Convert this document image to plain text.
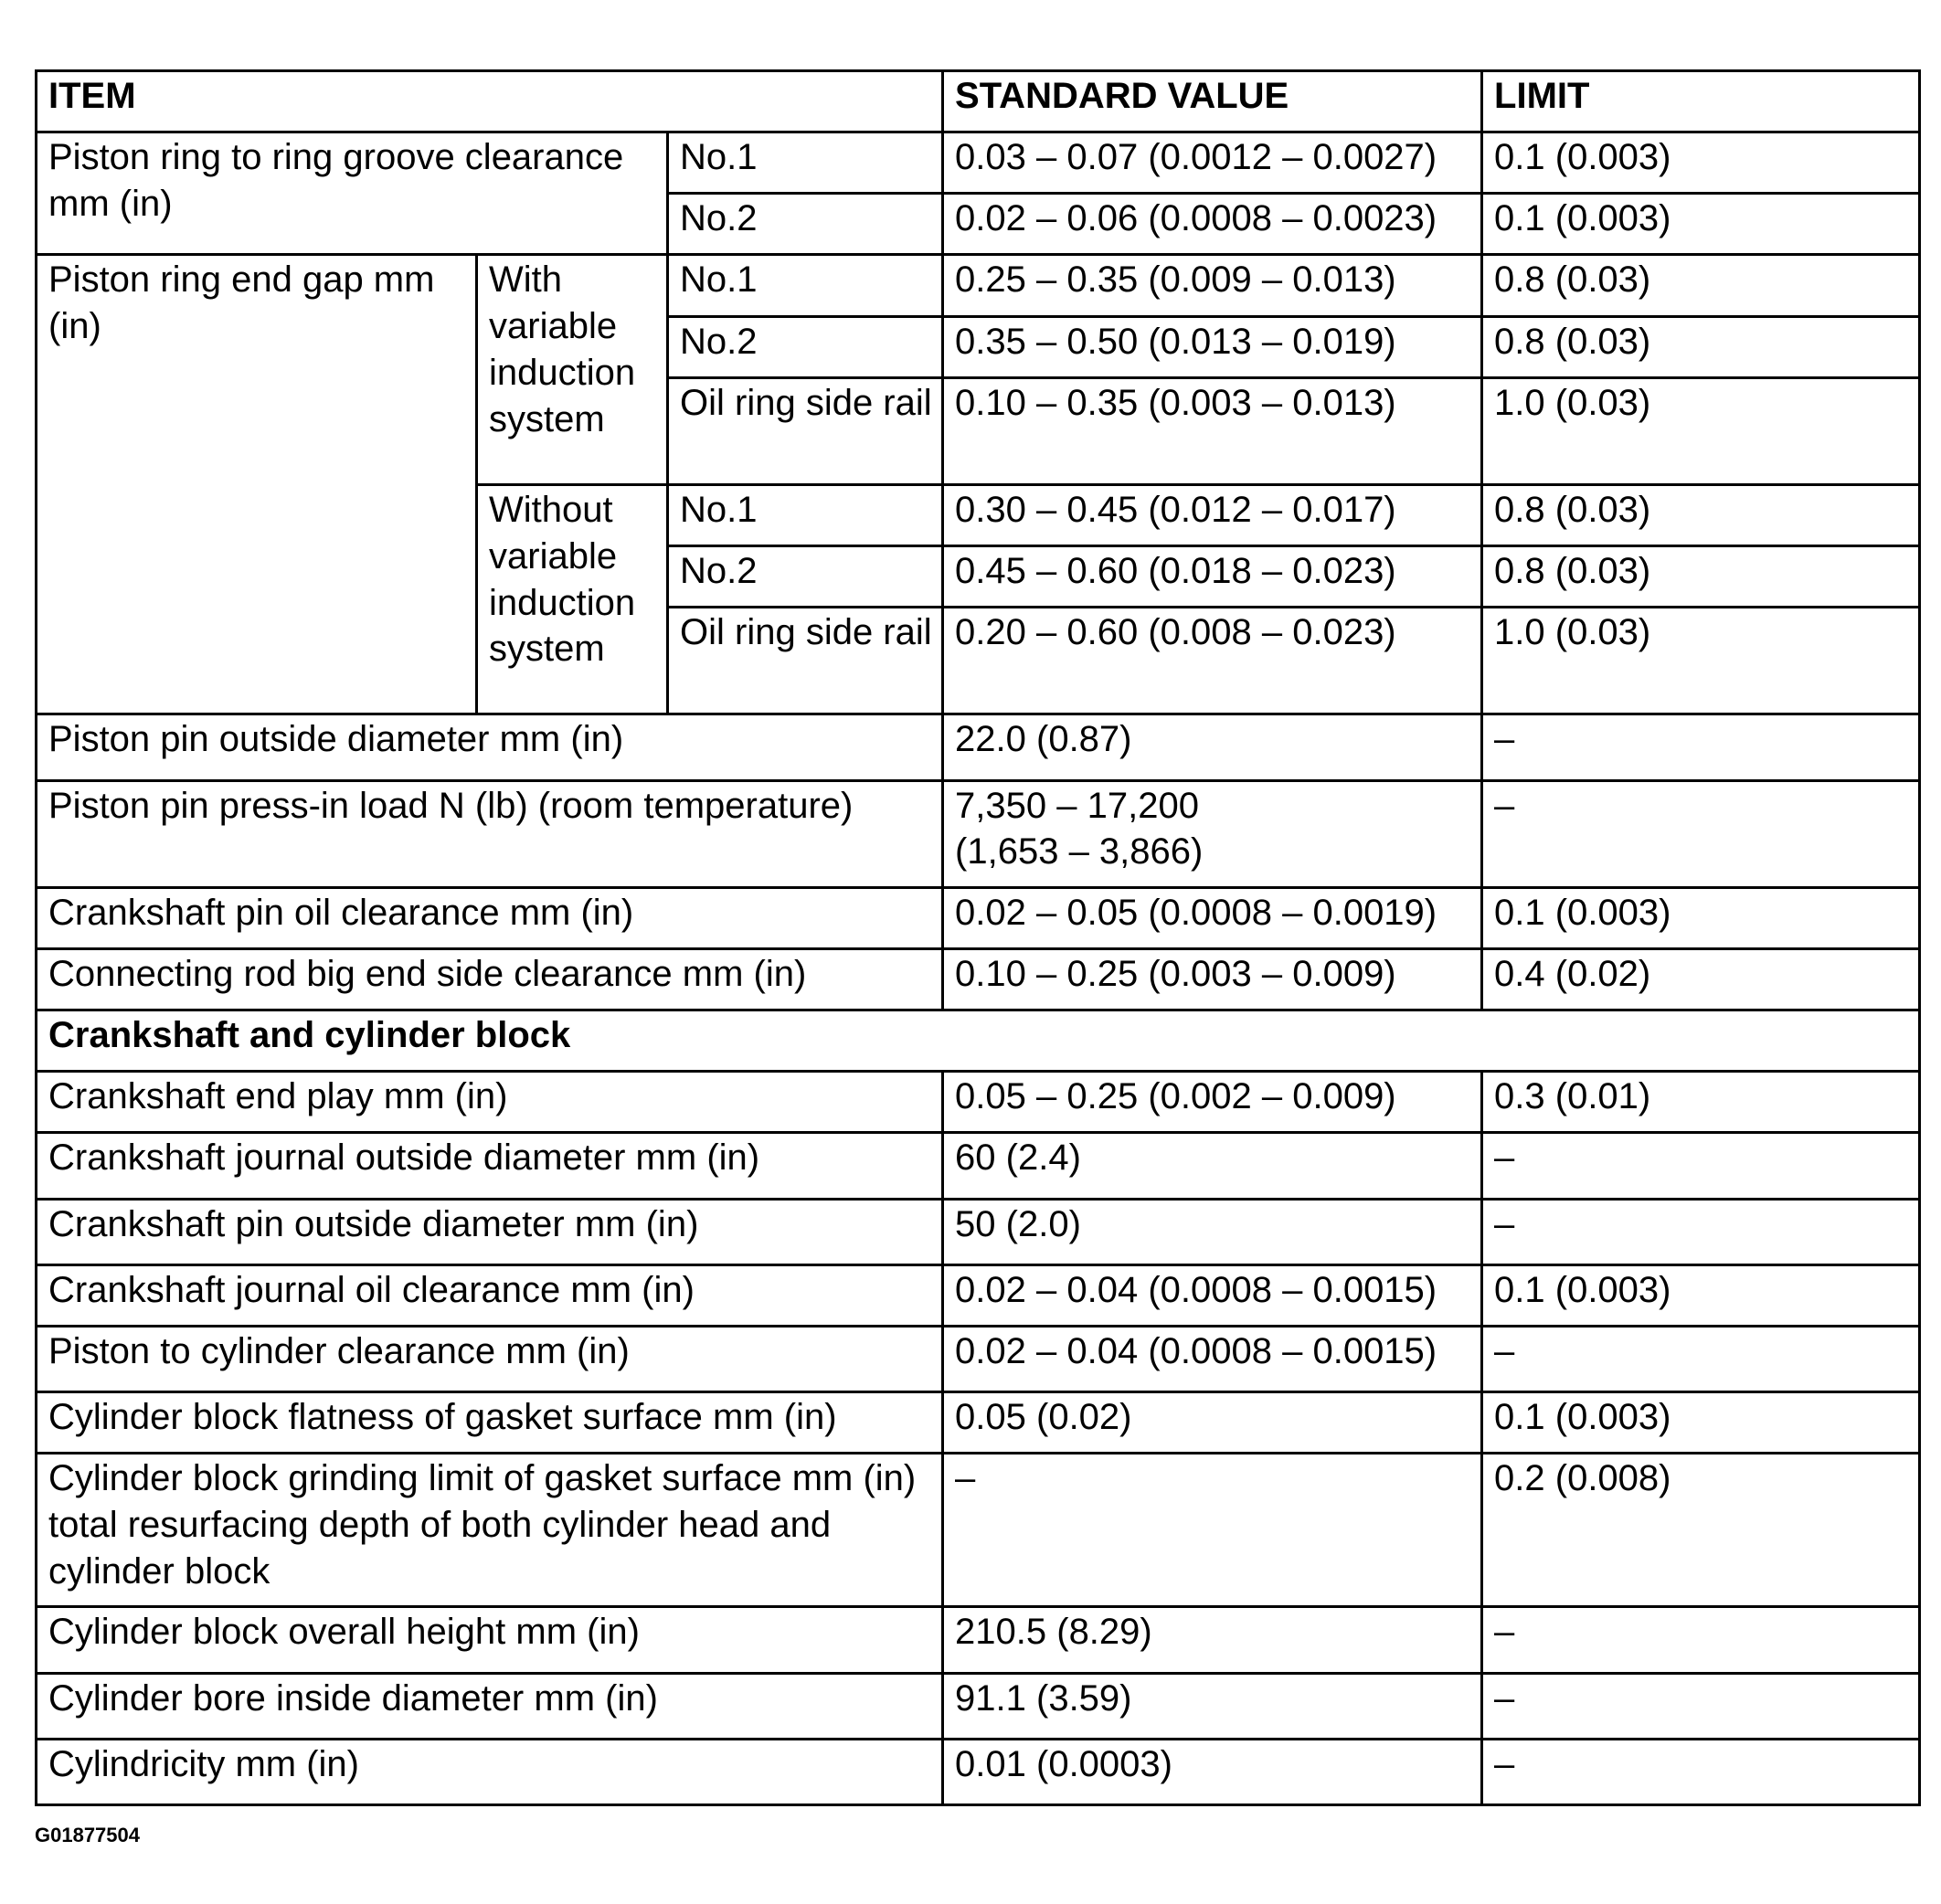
ITEM			STANDARD VALUE	LIMIT
Piston ring to ring groove clearance mm (in)		No.1	0.03 – 0.07 (0.0012 – 0.0027)	0.1 (0.003)
		No.2	0.02 – 0.06 (0.0008 – 0.0023)	0.1 (0.003)
Piston ring end gap mm (in)	With variable induction system	No.1	0.25 – 0.35 (0.009 – 0.013)	0.8 (0.03)
		No.2	0.35 – 0.50 (0.013 – 0.019)	0.8 (0.03)
		Oil ring side rail	0.10 – 0.35 (0.003 – 0.013)	1.0 (0.03)
	Without variable induction system	No.1	0.30 – 0.45 (0.012 – 0.017)	0.8 (0.03)
		No.2	0.45 – 0.60 (0.018 – 0.023)	0.8 (0.03)
		Oil ring side rail	0.20 – 0.60 (0.008 – 0.023)	1.0 (0.03)
Piston pin outside diameter mm (in)			22.0 (0.87)	–
Piston pin press-in load N (lb) (room temperature)			7,350 – 17,200 (1,653 – 3,866)	–
Crankshaft pin oil clearance mm (in)			0.02 – 0.05 (0.0008 – 0.0019)	0.1 (0.003)
Connecting rod big end side clearance mm (in)			0.10 – 0.25 (0.003 – 0.009)	0.4 (0.02)
Crankshaft and cylinder block				
Crankshaft end play mm (in)			0.05 – 0.25 (0.002 – 0.009)	0.3 (0.01)
Crankshaft journal outside diameter mm (in)			60 (2.4)	–
Crankshaft pin outside diameter mm (in)			50 (2.0)	–
Crankshaft journal oil clearance mm (in)			0.02 – 0.04 (0.0008 – 0.0015)	0.1 (0.003)
Piston to cylinder clearance mm (in)			0.02 – 0.04 (0.0008 – 0.0015)	–
Cylinder block flatness of gasket surface mm (in)			0.05 (0.02)	0.1 (0.003)
Cylinder block grinding limit of gasket surface mm (in) total resurfacing depth of both cylinder head and cylinder block			–	0.2 (0.008)
Cylinder block overall height mm (in)			210.5 (8.29)	–
Cylinder bore inside diameter mm (in)			91.1 (3.59)	–
Cylindricity mm (in)			0.01 (0.0003)	–
G01877504
